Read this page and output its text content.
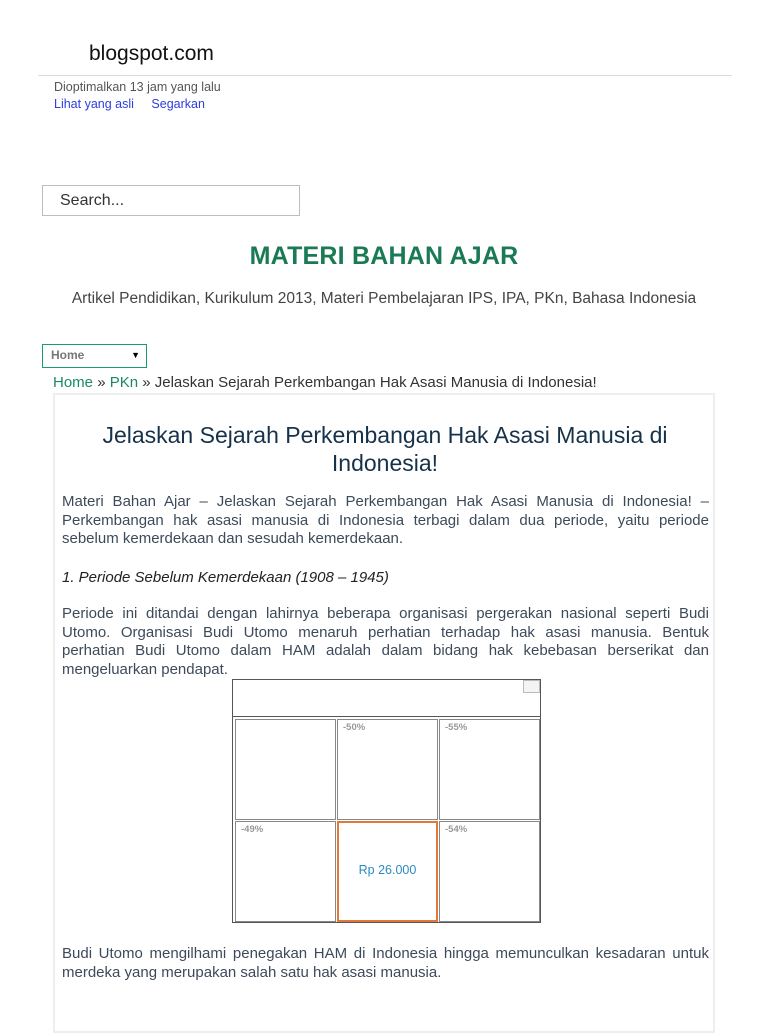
blogspot.com
Dioptimalkan 13 jam yang lalu
Lihat yang asli Segarkan
Search...
MATERI BAHAN AJAR
Artikel Pendidikan, Kurikulum 2013, Materi Pembelajaran IPS, IPA, PKn, Bahasa Indonesia
Home	▼
Home » PKn » Jelaskan Sejarah Perkembangan Hak Asasi Manusia di Indonesia!
Jelaskan Sejarah Perkembangan Hak Asasi Manusia di Indonesia!

Materi Bahan Ajar – Jelaskan Sejarah Perkembangan Hak Asasi Manusia di Indonesia! – Perkembangan hak asasi manusia di Indonesia terbagi dalam dua periode, yaitu periode sebelum kemerdekaan dan sesudah kemerdekaan.

1. Periode Sebelum Kemerdekaan (1908 – 1945)

Periode ini ditandai dengan lahirnya beberapa organisasi pergerakan nasional seperti Budi Utomo. Organisasi Budi Utomo menaruh perhatian terhadap hak asasi manusia. Bentuk perhatian Budi Utomo dalam HAM adalah dalam bidang hak kebebasan berserikat dan mengeluarkan pendapat.

-50%	-55%
-49%
Rp 26.000
-54%

Budi Utomo mengilhami penegakan HAM di Indonesia hingga memunculkan kesadaran untuk merdeka yang merupakan salah satu hak asasi manusia.
